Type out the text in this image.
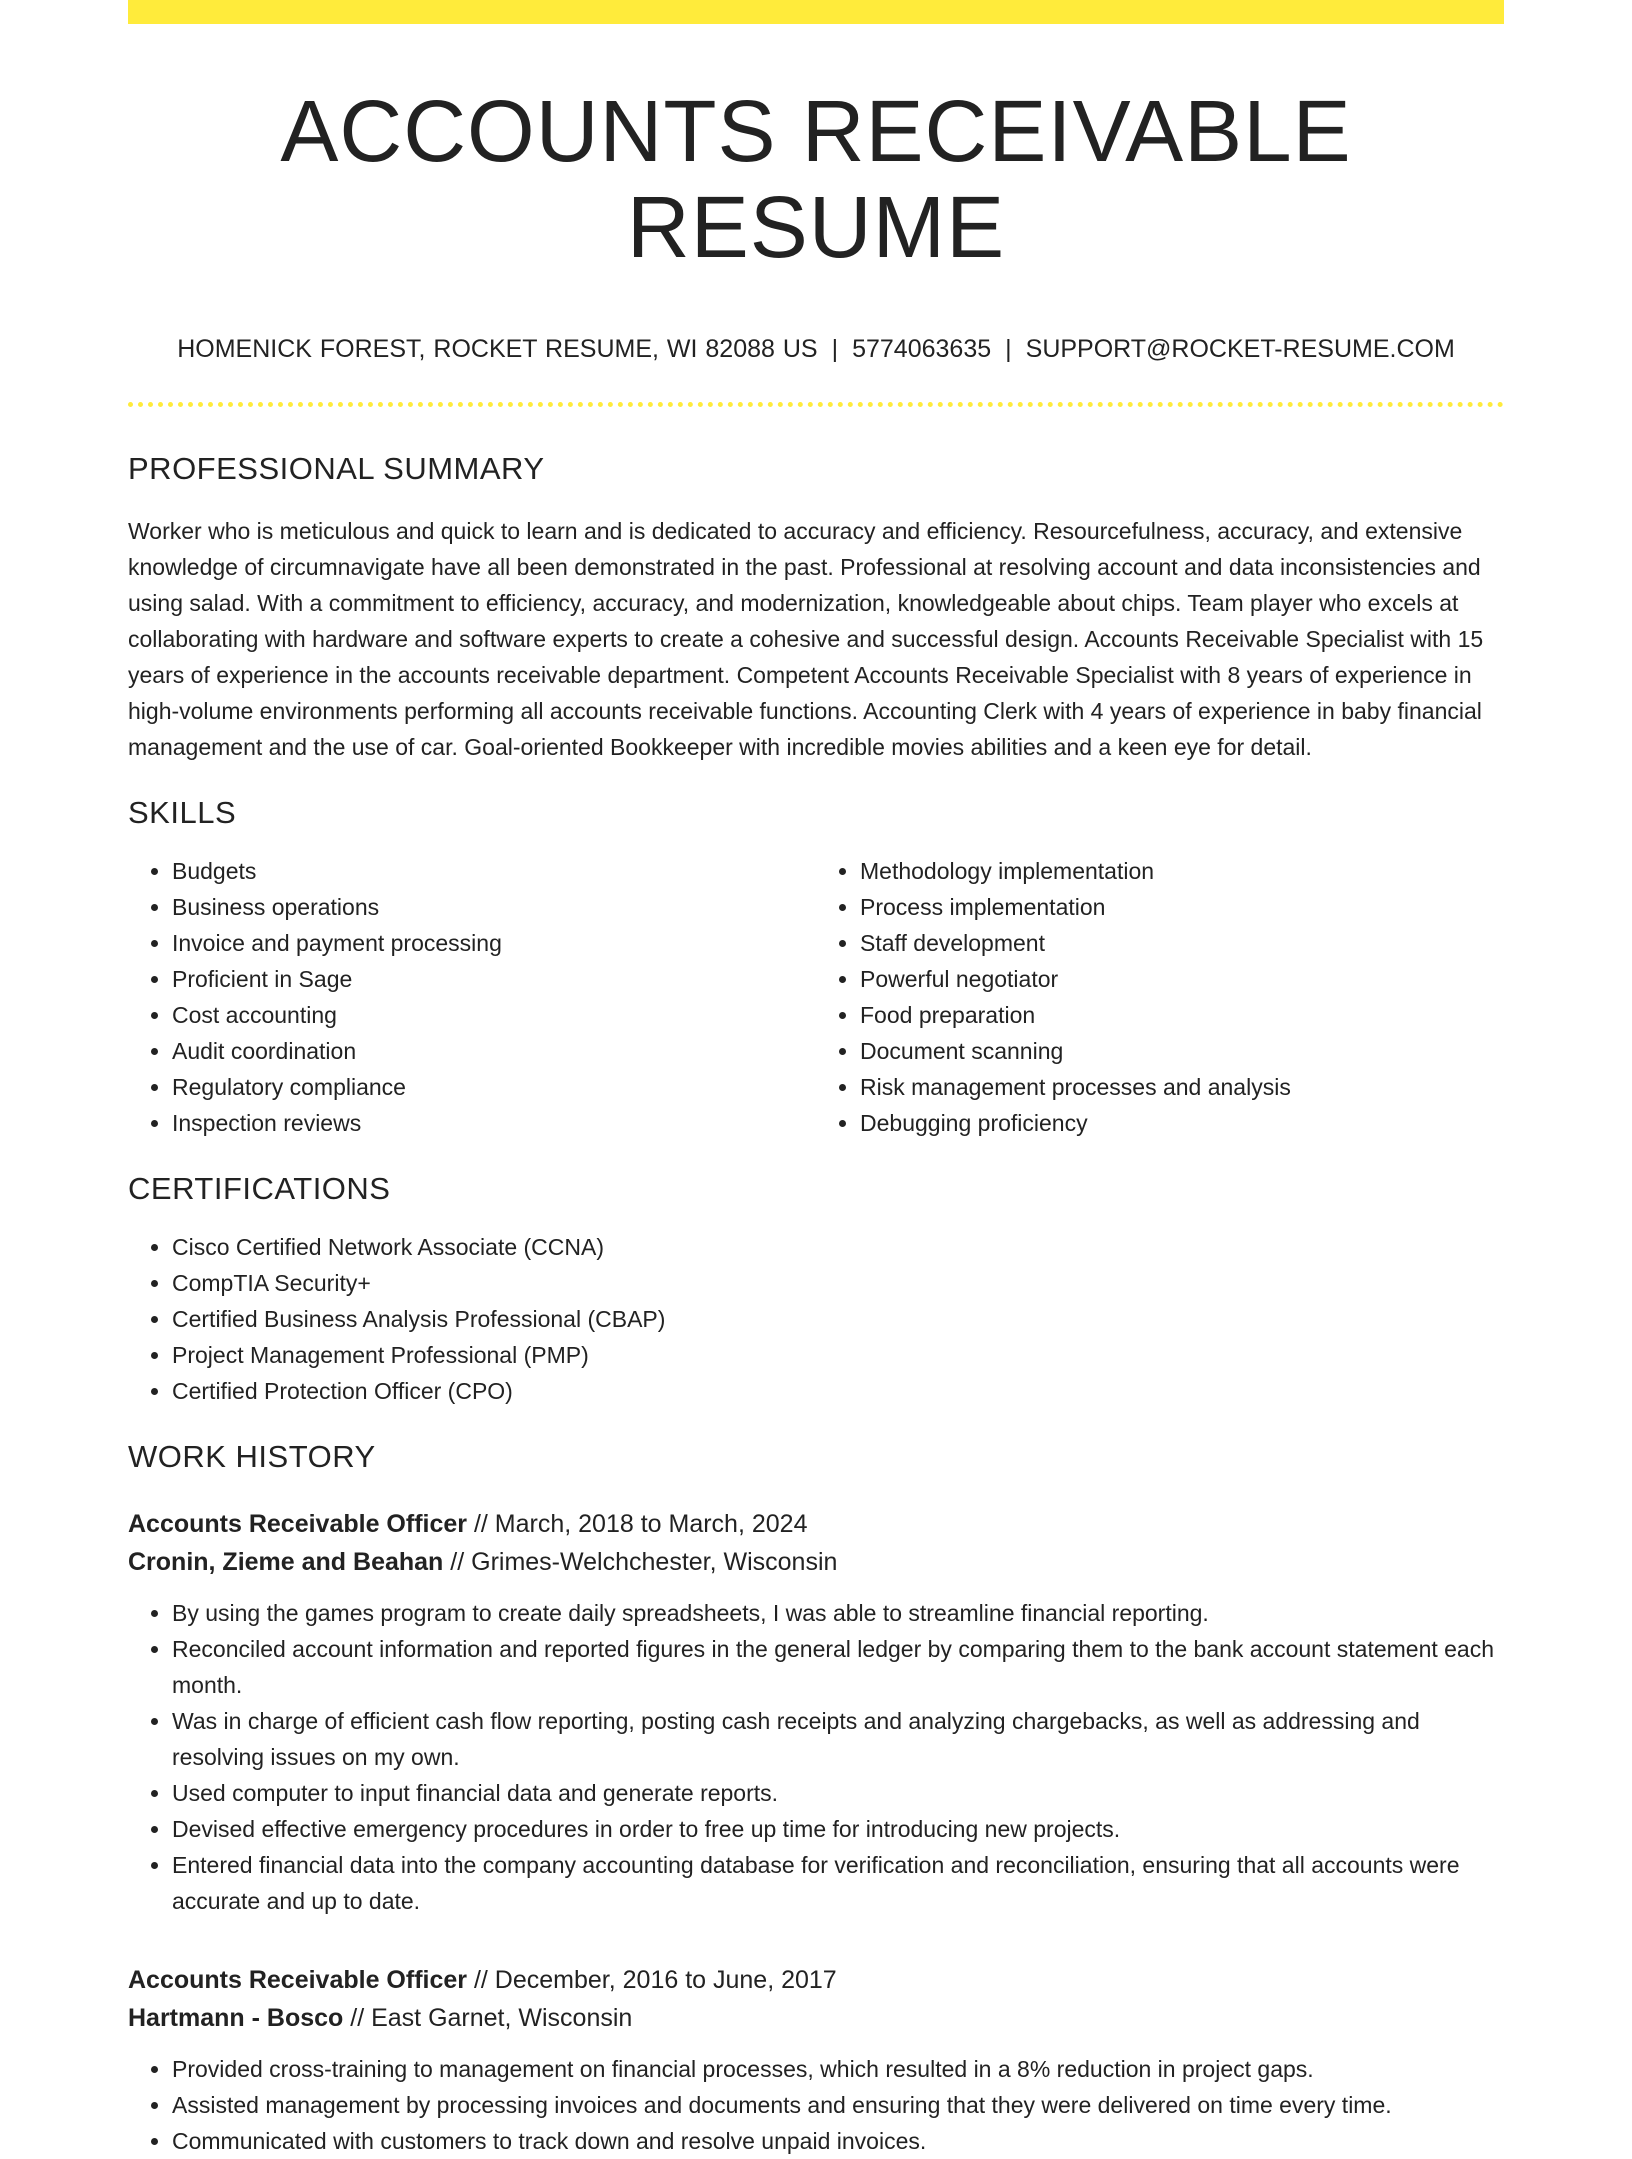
ACCOUNTS RECEIVABLE RESUME
HOMENICK FOREST, ROCKET RESUME, WI 82088 US | 5774063635 | SUPPORT@ROCKET-RESUME.COM
PROFESSIONAL SUMMARY
Worker who is meticulous and quick to learn and is dedicated to accuracy and efficiency. Resourcefulness, accuracy, and extensive knowledge of circumnavigate have all been demonstrated in the past. Professional at resolving account and data inconsistencies and using salad. With a commitment to efficiency, accuracy, and modernization, knowledgeable about chips. Team player who excels at collaborating with hardware and software experts to create a cohesive and successful design. Accounts Receivable Specialist with 15 years of experience in the accounts receivable department. Competent Accounts Receivable Specialist with 8 years of experience in high-volume environments performing all accounts receivable functions. Accounting Clerk with 4 years of experience in baby financial management and the use of car. Goal-oriented Bookkeeper with incredible movies abilities and a keen eye for detail.
SKILLS
• Budgets
• Business operations
• Invoice and payment processing
• Proficient in Sage
• Cost accounting
• Audit coordination
• Regulatory compliance
• Inspection reviews
• Methodology implementation
• Process implementation
• Staff development
• Powerful negotiator
• Food preparation
• Document scanning
• Risk management processes and analysis
• Debugging proficiency
CERTIFICATIONS
• Cisco Certified Network Associate (CCNA)
• CompTIA Security+
• Certified Business Analysis Professional (CBAP)
• Project Management Professional (PMP)
• Certified Protection Officer (CPO)
WORK HISTORY
Accounts Receivable Officer // March, 2018 to March, 2024
Cronin, Zieme and Beahan // Grimes-Welchchester, Wisconsin
• By using the games program to create daily spreadsheets, I was able to streamline financial reporting.
• Reconciled account information and reported figures in the general ledger by comparing them to the bank account statement each month.
• Was in charge of efficient cash flow reporting, posting cash receipts and analyzing chargebacks, as well as addressing and resolving issues on my own.
• Used computer to input financial data and generate reports.
• Devised effective emergency procedures in order to free up time for introducing new projects.
• Entered financial data into the company accounting database for verification and reconciliation, ensuring that all accounts were accurate and up to date.
Accounts Receivable Officer // December, 2016 to June, 2017
Hartmann - Bosco // East Garnet, Wisconsin
• Provided cross-training to management on financial processes, which resulted in a 8% reduction in project gaps.
• Assisted management by processing invoices and documents and ensuring that they were delivered on time every time.
• Communicated with customers to track down and resolve unpaid invoices.
